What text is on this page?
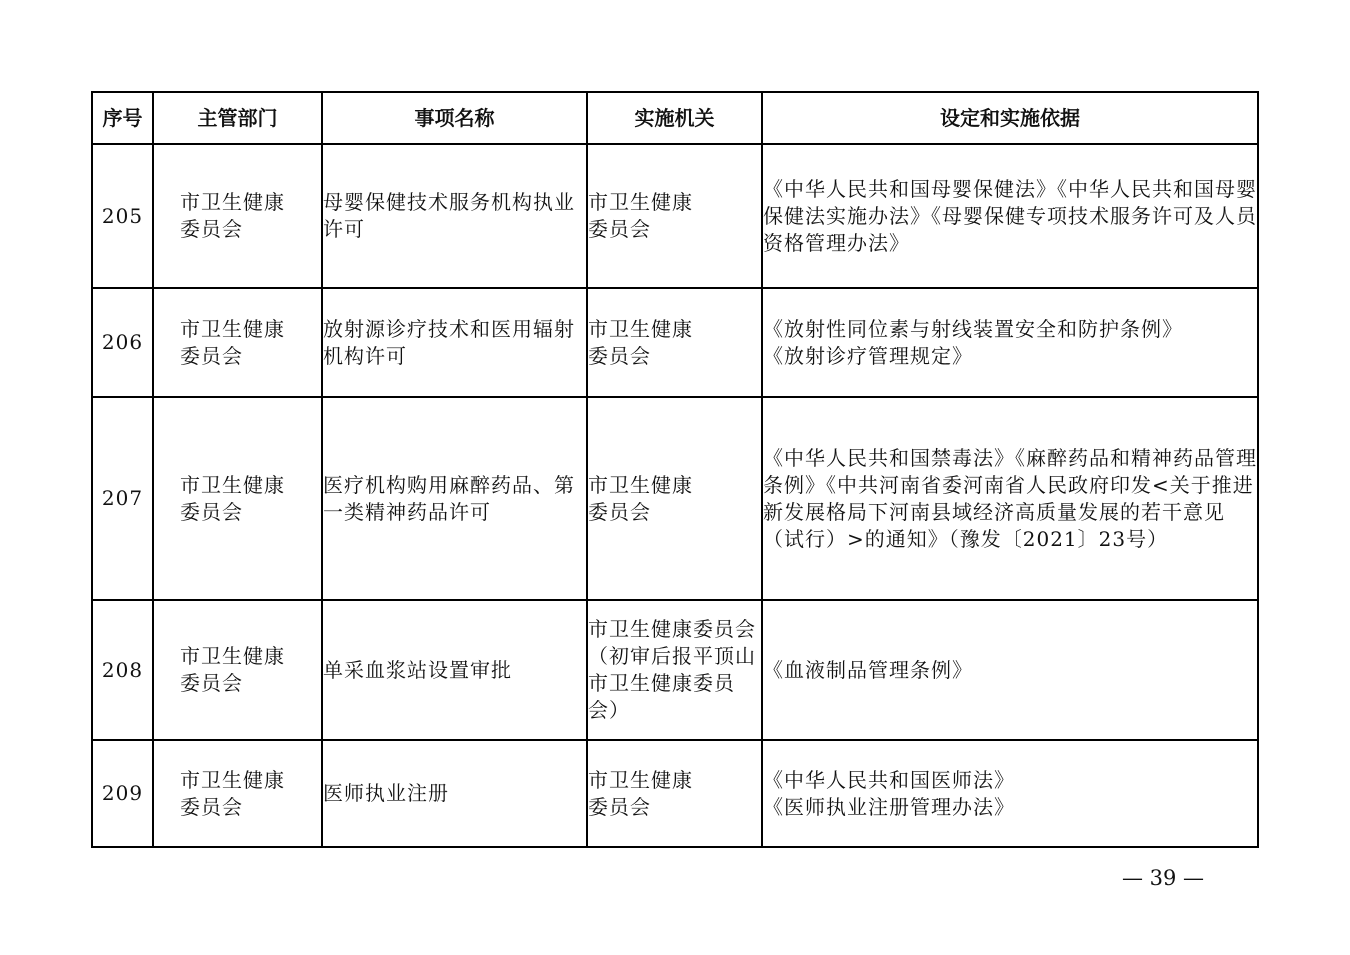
序号	主管部门	事项名称	实施机关	设定和实施依据
205	市卫生健康委员会	母婴保健技术服务机构执业许可	市卫生健康委员会	《中华人民共和国母婴保健法》《中华人民共和国母婴保健法实施办法》《母婴保健专项技术服务许可及人员资格管理办法》
206	市卫生健康委员会	放射源诊疗技术和医用辐射机构许可	市卫生健康委员会	《放射性同位素与射线装置安全和防护条例》《放射诊疗管理规定》

207	市卫生健康委员会	医疗机构购用麻醉药品、第一类精神药品许可	市卫生健康委员会	《中华人民共和国禁毒法》《麻醉药品和精神药品管理条例》《中共河南省委河南省人民政府印发<关于推进新发展格局下河南县域经济高质量发展的若干意见（试行）>的通知》（豫发〔2021〕23号）
208	市卫生健康委员会	单采血浆站设置审批	市卫生健康委员会（初审后报平顶山市卫生健康委员会）	《血液制品管理条例》
209	市卫生健康委员会	医师执业注册	市卫生健康委员会	《中华人民共和国医师法》《医师执业注册管理办法》
— 39 —
